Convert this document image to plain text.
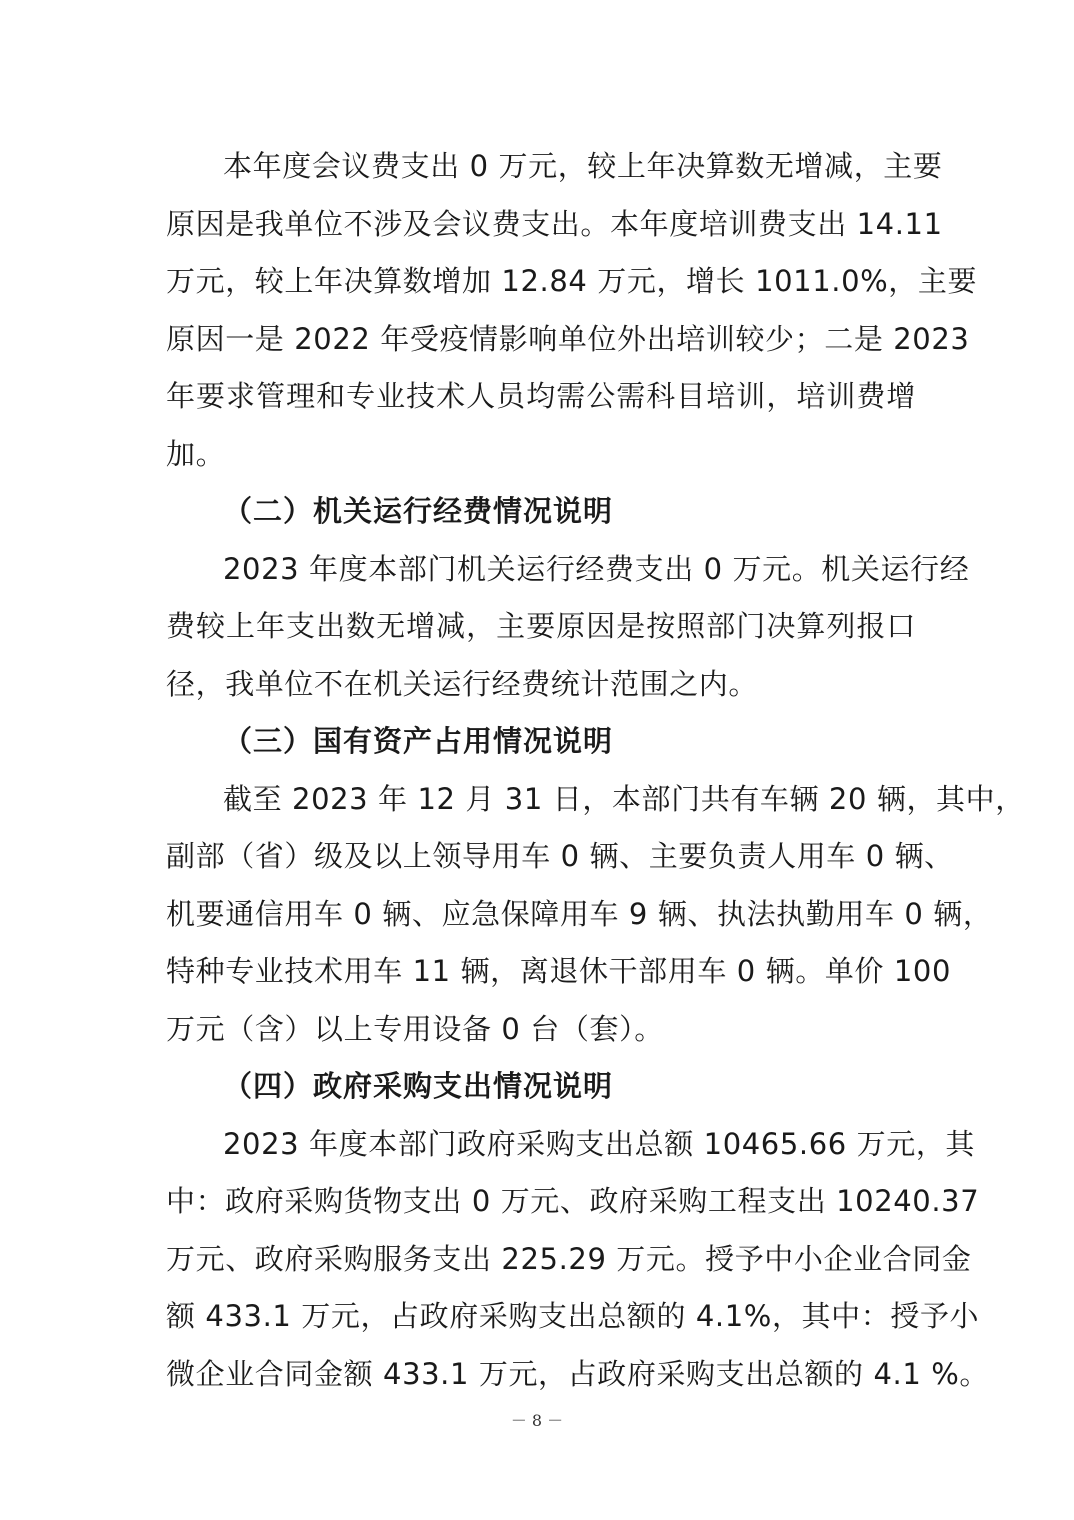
本年度会议费支出 0 万元，较上年决算数无增减，主要
原因是我单位不涉及会议费支出。本年度培训费支出 14.11
万元，较上年决算数增加 12.84 万元，增长 1011.0%，主要
原因一是 2022 年受疫情影响单位外出培训较少；二是 2023
年要求管理和专业技术人员均需公需科目培训，培训费增
加。
（二）机关运行经费情况说明
2023 年度本部门机关运行经费支出 0 万元。机关运行经
费较上年支出数无增减，主要原因是按照部门决算列报口
径，我单位不在机关运行经费统计范围之内。
（三）国有资产占用情况说明
截至 2023 年 12 月 31 日，本部门共有车辆 20 辆，其中，
副部（省）级及以上领导用车 0 辆、主要负责人用车 0 辆、
机要通信用车 0 辆、应急保障用车 9 辆、执法执勤用车 0 辆，
特种专业技术用车 11 辆，离退休干部用车 0 辆。单价 100
万元（含）以上专用设备 0 台（套）。
（四）政府采购支出情况说明
2023 年度本部门政府采购支出总额 10465.66 万元，其
中：政府采购货物支出 0 万元、政府采购工程支出 10240.37
万元、政府采购服务支出 225.29 万元。授予中小企业合同金
额 433.1 万元，占政府采购支出总额的 4.1%，其中：授予小
微企业合同金额 433.1 万元，占政府采购支出总额的 4.1 %。
－ 8 －
